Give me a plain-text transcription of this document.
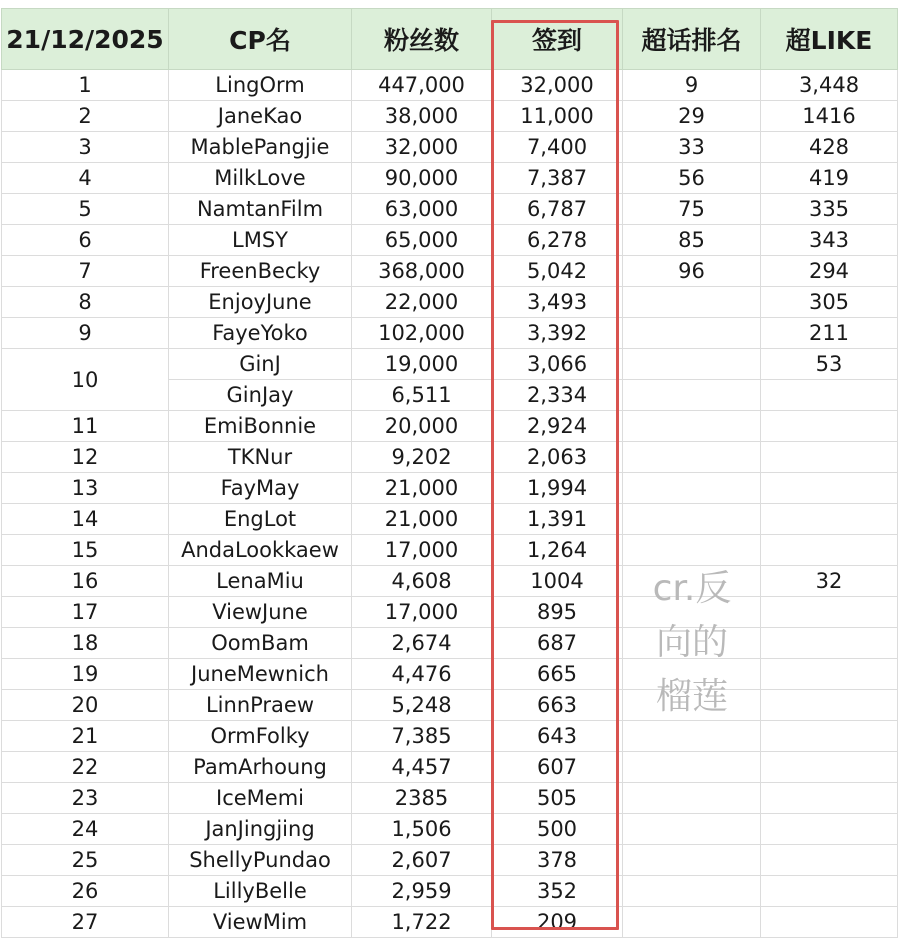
21/12/2025	CP名	粉丝数	签到	超话排名	超LIKE
1	LingOrm	447,000	32,000	9	3,448
2	JaneKao	38,000	11,000	29	1416
3	MablePangjie	32,000	7,400	33	428
4	MilkLove	90,000	7,387	56	419
5	NamtanFilm	63,000	6,787	75	335
6	LMSY	65,000	6,278	85	343
7	FreenBecky	368,000	5,042	96	294
8	EnjoyJune	22,000	3,493		305
9	FayeYoko	102,000	3,392		211
10	GinJ	19,000	3,066		53
	GinJay	6,511	2,334		
11	EmiBonnie	20,000	2,924		
12	TKNur	9,202	2,063		
13	FayMay	21,000	1,994		
14	EngLot	21,000	1,391		
15	AndaLookkaew	17,000	1,264		
16	LenaMiu	4,608	1004		32
17	ViewJune	17,000	895		
18	OomBam	2,674	687		
19	JuneMewnich	4,476	665		
20	LinnPraew	5,248	663		
21	OrmFolky	7,385	643		
22	PamArhoung	4,457	607		
23	IceMemi	2385	505		
24	JanJingjing	1,506	500		
25	ShellyPundao	2,607	378		
26	LillyBelle	2,959	352		
27	ViewMim	1,722	209		
cr.反
向的
榴莲
